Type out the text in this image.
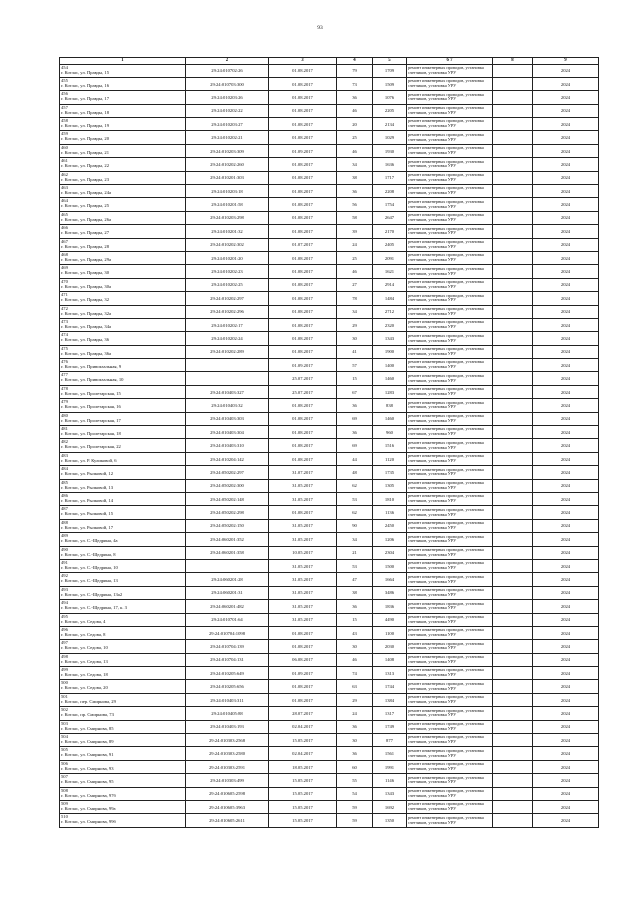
93
1	2	3	4	5	6 7	8	9

454
г. Котлас, ул. Правды, 15	29:24:010702:26	01.08.2017	79	1709	ремонт инженерных проводов, установка счетчиков, установка УРУ		2024

455
г. Котлас, ул. Правды, 16	29:24:010703:300	01.08.2017	73	1509	ремонт инженерных проводов, установка счетчиков, установка УРУ		2024

456
г. Котлас, ул. Правды, 17	29:24:010203:26	01.08.2017	36	1076	ремонт инженерных проводов, установка счетчиков, установка УРУ		2024

457
г. Котлас, ул. Правды, 18	29:24:010202:22	01.08.2017	46	2205	ремонт инженерных проводов, установка счетчиков, установка УРУ		2024

458
г. Котлас, ул. Правды, 19	29:24:010203:27	01.08.2017	20	2134	ремонт инженерных проводов, установка счетчиков, установка УРУ		2024

459
г. Котлас, ул. Правды, 20	29:24:010202:21	01.08.2017	25	1029	ремонт инженерных проводов, установка счетчиков, установка УРУ		2024

460
г. Котлас, ул. Правды, 21	29:24:010203:309	01.09.2017	46	1930	ремонт инженерных проводов, установка счетчиков, установка УРУ		2024

461
г. Котлас, ул. Правды, 22	29:24:010202:260	01.08.2017	34	1636	ремонт инженерных проводов, установка счетчиков, установка УРУ		2024

462
г. Котлас, ул. Правды, 23	29:24:010201:303	01.08.2017	38	1717	ремонт инженерных проводов, установка счетчиков, установка УРУ		2024

463
г. Котлас, ул. Правды, 24а	29:24:010203:18	01.08.2017	36	2208	ремонт инженерных проводов, установка счетчиков, установка УРУ		2024

464
г. Котлас, ул. Правды, 25	29:24:010201:58	01.08.2017	56	1754	ремонт инженерных проводов, установка счетчиков, установка УРУ		2024

465
г. Котлас, ул. Правды, 26а	29:24:010203:298	01.08.2017	58	2647	ремонт инженерных проводов, установка счетчиков, установка УРУ		2024

466
г. Котлас, ул. Правды, 27	29:24:010201:32	01.08.2017	39	2170	ремонт инженерных проводов, установка счетчиков, установка УРУ		2024

467
г. Котлас, ул. Правды, 28	29:24:010202:302	01.07.2017	24	2405	ремонт инженерных проводов, установка счетчиков, установка УРУ		2024

468
г. Котлас, ул. Правды, 29а	29:24:010201:20	01.08.2017	25	2091	ремонт инженерных проводов, установка счетчиков, установка УРУ		2024

469
г. Котлас, ул. Правды, 30	29:24:010202:23	01.08.2017	46	1621	ремонт инженерных проводов, установка счетчиков, установка УРУ		2024

470
г. Котлас, ул. Правды, 30а	29:24:010202:25	01.08.2017	27	2914	ремонт инженерных проводов, установка счетчиков, установка УРУ		2024

471
г. Котлас, ул. Правды, 32	29:24:010202:297	01.08.2017	78	1484	ремонт инженерных проводов, установка счетчиков, установка УРУ		2024

472
г. Котлас, ул. Правды, 32а	29:24:010202:296	01.08.2017	34	2712	ремонт инженерных проводов, установка счетчиков, установка УРУ		2024

473
г. Котлас, ул. Правды, 34а	29:24:010202:17	01.08.2017	29	2320	ремонт инженерных проводов, установка счетчиков, установка УРУ		2024

474
г. Котлас, ул. Правды, 36	29:24:010202:24	01.08.2017	30	1343	ремонт инженерных проводов, установка счетчиков, установка УРУ		2024

475
г. Котлас, ул. Правды, 36а	29:24:010202:289	01.08.2017	41	1900	ремонт инженерных проводов, установка счетчиков, установка УРУ		2024

476
г. Котлас, ул. Привокзальная, 9		01.09.2017	57	1400	ремонт инженерных проводов, установка счетчиков, установка УРУ		2024

477
г. Котлас, ул. Привокзальная, 10		25.07.2017	15	1460	ремонт инженерных проводов, установка счетчиков, установка УРУ		2024

478
г. Котлас, ул. Пролетарская, 15	29:24:010403:327	25.07.2017	67	1283	ремонт инженерных проводов, установка счетчиков, установка УРУ		2024

479
г. Котлас, ул. Пролетарская, 16	29:24:010403:32	01.08.2017	36	838	ремонт инженерных проводов, установка счетчиков, установка УРУ		2024

480
г. Котлас, ул. Пролетарская, 17	29:24:010403:303	01.08.2017	69	1460	ремонт инженерных проводов, установка счетчиков, установка УРУ		2024

481
г. Котлас, ул. Пролетарская, 18	29:24:010403:304	01.08.2017	36	960	ремонт инженерных проводов, установка счетчиков, установка УРУ		2024

482
г. Котлас, ул. Пролетарская, 22	29:24:010403:310	01.08.2017	69	1516	ремонт инженерных проводов, установка счетчиков, установка УРУ		2024

483
г. Котлас, ул. Р. Куликовой, 6	29:24:010204:142	01.08.2017	44	1120	ремонт инженерных проводов, установка счетчиков, установка УРУ		2024

484
г. Котлас, ул. Рылковой, 12	29:24:050202:297	31.07.2017	48	1735	ремонт инженерных проводов, установка счетчиков, установка УРУ		2024

485
г. Котлас, ул. Рылковой, 13	29:24:050202:300	31.05.2017	62	1305	ремонт инженерных проводов, установка счетчиков, установка УРУ		2024

486
г. Котлас, ул. Рылковой, 14	29:24:050202:148	31.05.2017	53	1810	ремонт инженерных проводов, установка счетчиков, установка УРУ		2024

487
г. Котлас, ул. Рылковой, 15	29:24:050202:298	01.08.2017	62	1136	ремонт инженерных проводов, установка счетчиков, установка УРУ		2024

488
г. Котлас, ул. Рылковой, 17	29:24:050202:150	31.05.2017	90	2450	ремонт инженерных проводов, установка счетчиков, установка УРУ		2024

489
г. Котлас, ул. С.-Щедрина, 4а	29:24:060201:352	31.05.2017	34	1206	ремонт инженерных проводов, установка счетчиков, установка УРУ		2024

490
г. Котлас, ул. С.-Щедрина, 8	29:24:060201:358	10.05.2017	21	2304	ремонт инженерных проводов, установка счетчиков, установка УРУ		2024

491
г. Котлас, ул. С.-Щедрина, 10		31.05.2017	53	1500	ремонт инженерных проводов, установка счетчиков, установка УРУ		2024

492
г. Котлас, ул. С.-Щедрина, 13	29:24:060201:28	31.05.2017	47	1664	ремонт инженерных проводов, установка счетчиков, установка УРУ		2024

493
г. Котлас, ул. С.-Щедрина, 13а2	29:24:060201:31	31.05.2017	38	3486	ремонт инженерных проводов, установка счетчиков, установка УРУ		2024

494
г. Котлас, ул. С.-Щедрина, 17, к. 3	29:24:060201:482	31.05.2017	36	1836	ремонт инженерных проводов, установка счетчиков, установка УРУ		2024

495
г. Котлас, ул. Седова, 4	29:24:010701:64	31.05.2017	15	4490	ремонт инженерных проводов, установка счетчиков, установка УРУ		2024

496
г. Котлас, ул. Седова, 8	29:24:010704:1098	01.08.2017	43	1100	ремонт инженерных проводов, установка счетчиков, установка УРУ		2024

497
г. Котлас, ул. Седова, 10	29:24:010704:139	01.08.2017	30	2030	ремонт инженерных проводов, установка счетчиков, установка УРУ		2024

498
г. Котлас, ул. Седова, 13	29:24:010704:131	06.08.2017	46	1408	ремонт инженерных проводов, установка счетчиков, установка УРУ		2024

499
г. Котлас, ул. Седова, 18	29:24:010205:649	01.09.2017	74	1313	ремонт инженерных проводов, установка счетчиков, установка УРУ		2024

500
г. Котлас, ул. Седова, 20	29:24:010205:656	01.08.2017	63	1744	ремонт инженерных проводов, установка счетчиков, установка УРУ		2024

501
г. Котлас, пер. Смирнова, 29	29:24:010403:311	01.08.2017	29	1384	ремонт инженерных проводов, установка счетчиков, установка УРУ		2024

502
г. Котлас, пр. Смирнова, 73	29:24:010405:88	28.07.2017	24	1317	ремонт инженерных проводов, установка счетчиков, установка УРУ		2024

503
г. Котлас, ул. Смирнова, 85	29:24:010403:193	02.04.2017	36	1749	ремонт инженерных проводов, установка счетчиков, установка УРУ		2024

504
г. Котлас, ул. Смирнова, 89	29:24:010303:2568	15.05.2017	30	877	ремонт инженерных проводов, установка счетчиков, установка УРУ		2024

505
г. Котлас, ул. Смирнова, 91	29:24:010303:2580	02.04.2017	36	1561	ремонт инженерных проводов, установка счетчиков, установка УРУ		2024

506
г. Котлас, ул. Смирнова, 93	29:24:010303:2591	18.05.2017	60	1991	ремонт инженерных проводов, установка счетчиков, установка УРУ		2024

507
г. Котлас, ул. Смирнова, 95	29:24:010303:499	15.05.2017	55	1146	ремонт инженерных проводов, установка счетчиков, установка УРУ		2024

508
г. Котлас, ул. Смирнова, 97б	29:24:010605:2598	15.05.2017	54	1343	ремонт инженерных проводов, установка счетчиков, установка УРУ		2024

509
г. Котлас, ул. Смирнова, 99а	29:24:010605:3963	15.05.2017	59	1692	ремонт инженерных проводов, установка счетчиков, установка УРУ		2024

510
г. Котлас, ул. Смирнова, 99б	29:24:010605:2611	15.05.2017	59	1350	ремонт инженерных проводов, установка счетчиков, установка УРУ		2024
